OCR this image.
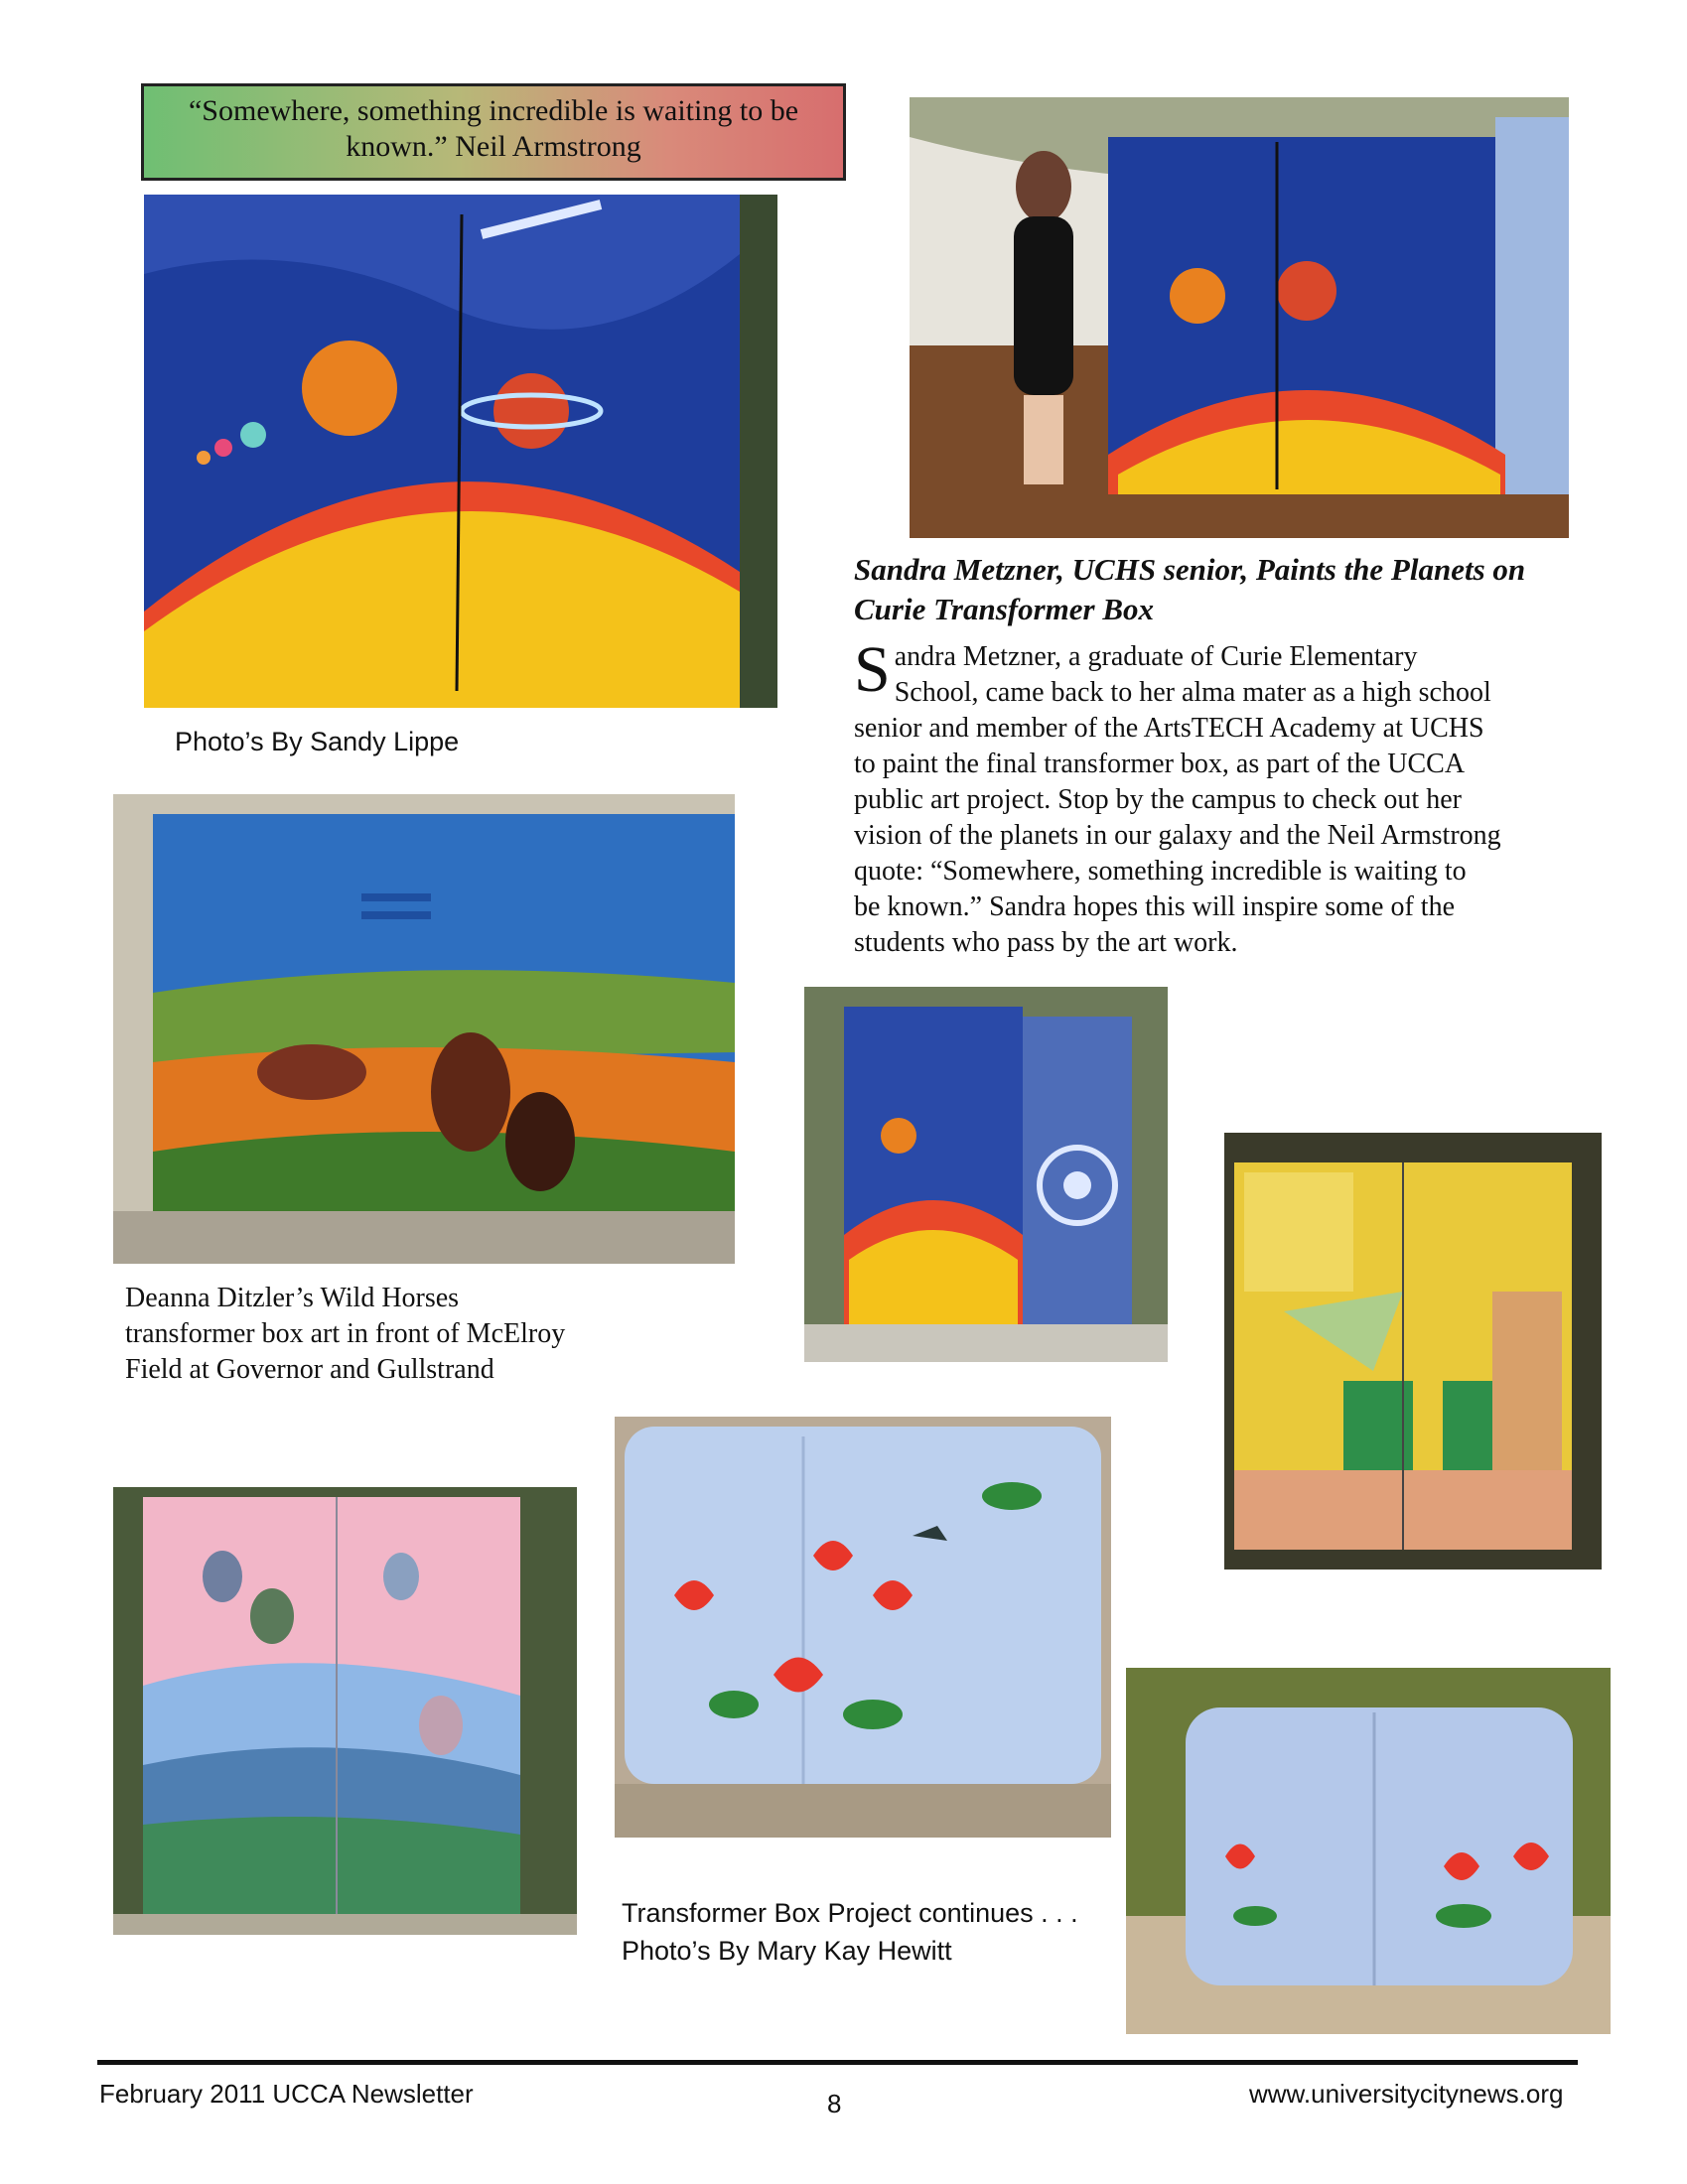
“Somewhere, something incredible is waiting to be
known.” Neil Armstrong
Photo’s By Sandy Lippe
Sandra Metzner, UCHS senior, Paints the Planets on
Curie Transformer Box
S andra Metzner, a graduate of Curie Elementary
School, came back to her alma mater as a high school
senior and member of the ArtsTECH Academy at UCHS
to paint the final transformer box, as part of the UCCA
public art project. Stop by the campus to check out her
vision of the planets in our galaxy and the Neil Armstrong
quote: “Somewhere, something incredible is waiting to
be known.” Sandra hopes this will inspire some of the
students who pass by the art work.
Deanna Ditzler’s Wild Horses
transformer box art in front of McElroy
Field at Governor and Gullstrand
Transformer Box Project continues . . .
Photo’s By Mary Kay Hewitt
February 2011 UCCA Newsletter	8	www.universitycitynews.org
